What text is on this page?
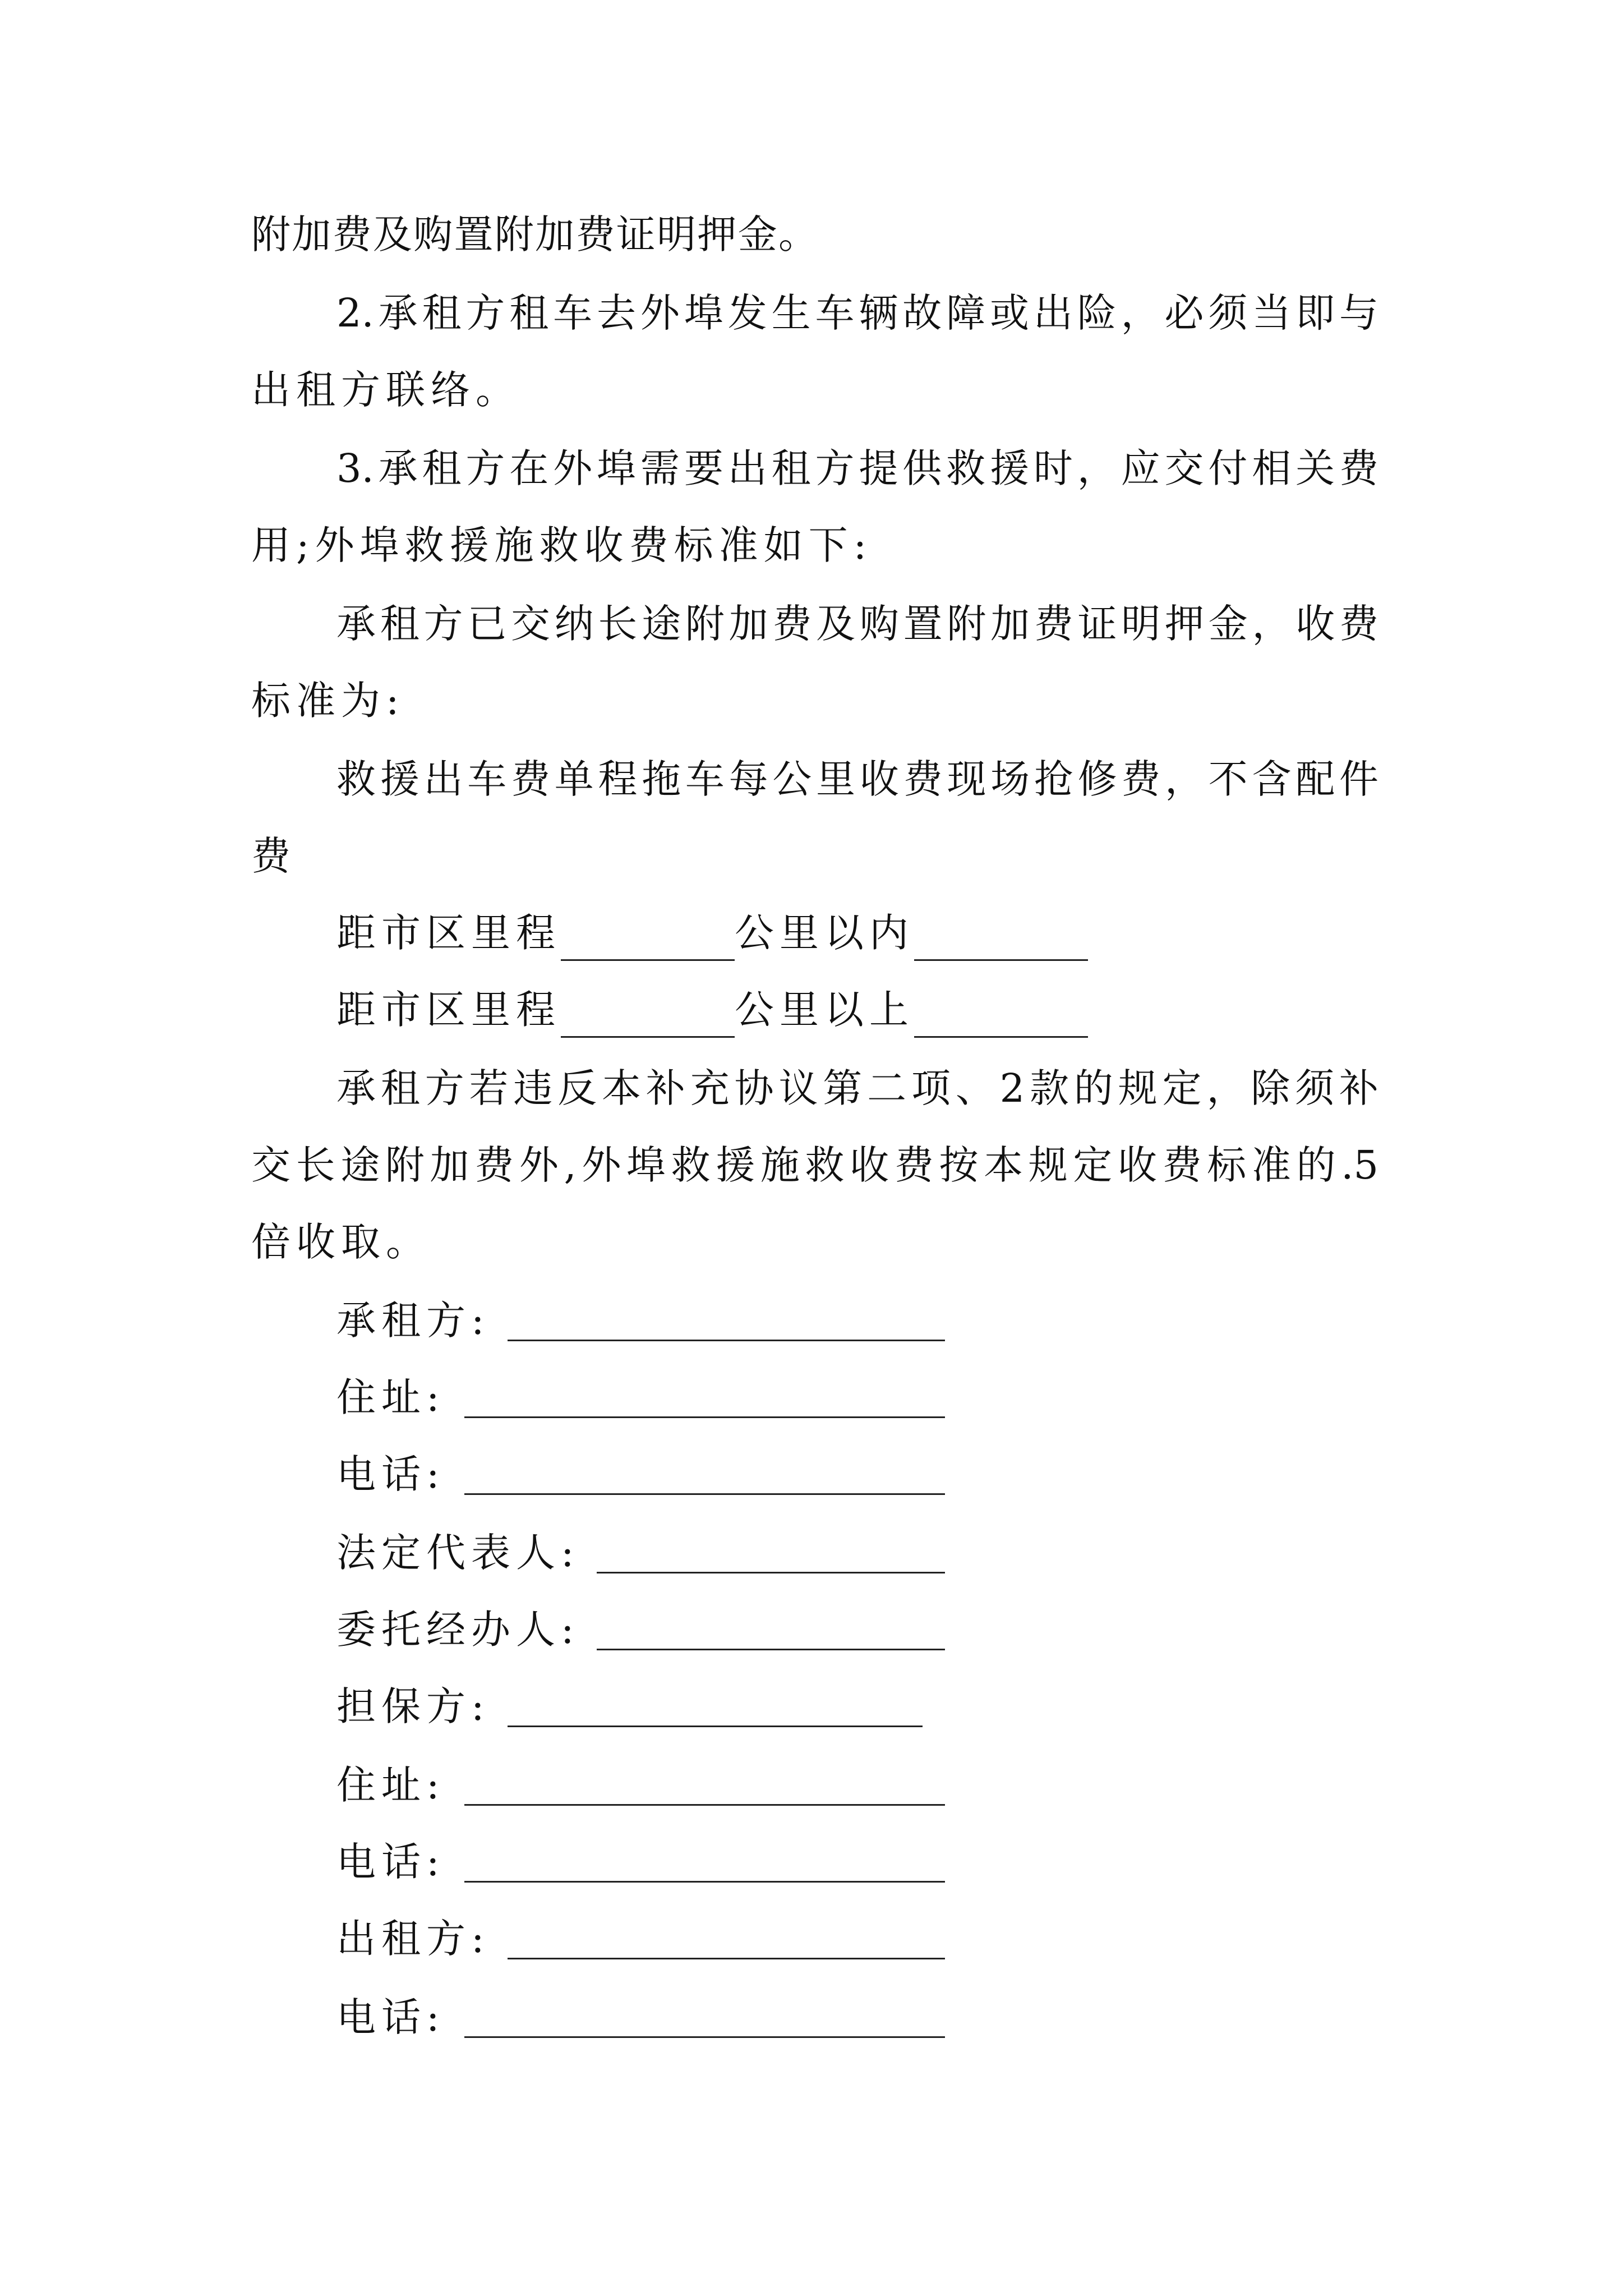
附加费及购置附加费证明押金。
2.承租方租车去外埠发生车辆故障或出险，必须当即与
出租方联络。
3.承租方在外埠需要出租方提供救援时，应交付相关费
用;外埠救援施救收费标准如下:
承租方已交纳长途附加费及购置附加费证明押金，收费
标准为:
救援出车费单程拖车每公里收费现场抢修费，不含配件
费
距市区里程	公里以内
距市区里程	公里以上
承租方若违反本补充协议第二项、2款的规定，除须补
交长途附加费外,外埠救援施救收费按本规定收费标准的.5
倍收取。
承租方:
住址:
电话:
法定代表人:
委托经办人:
担保方:
住址:
电话:
出租方:
电话:
